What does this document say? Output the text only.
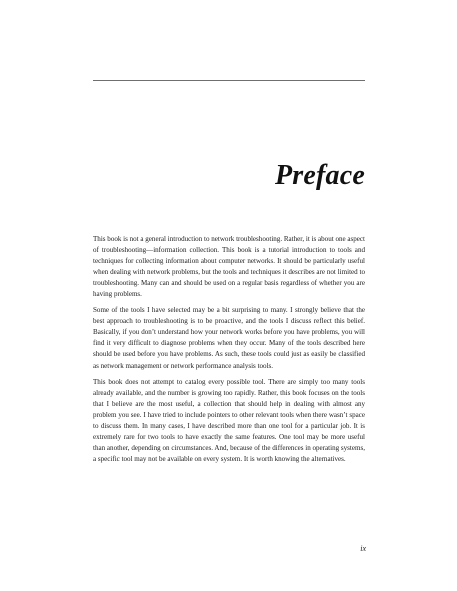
Preface

This book is not a general introduction to network troubleshooting. Rather, it is about one aspect of troubleshooting—information collection. This book is a tutorial introduction to tools and techniques for collecting information about computer networks. It should be particularly useful when dealing with network problems, but the tools and techniques it describes are not limited to troubleshooting. Many can and should be used on a regular basis regardless of whether you are having problems.

Some of the tools I have selected may be a bit surprising to many. I strongly believe that the best approach to troubleshooting is to be proactive, and the tools I discuss reflect this belief. Basically, if you don’t understand how your network works before you have problems, you will find it very difficult to diagnose problems when they occur. Many of the tools described here should be used before you have problems. As such, these tools could just as easily be classified as network management or network performance analysis tools.

This book does not attempt to catalog every possible tool. There are simply too many tools already available, and the number is growing too rapidly. Rather, this book focuses on the tools that I believe are the most useful, a collection that should help in dealing with almost any problem you see. I have tried to include pointers to other relevant tools when there wasn’t space to discuss them. In many cases, I have described more than one tool for a particular job. It is extremely rare for two tools to have exactly the same features. One tool may be more useful than another, depending on circumstances. And, because of the differences in operating systems, a specific tool may not be available on every system. It is worth knowing the alternatives.

ix
